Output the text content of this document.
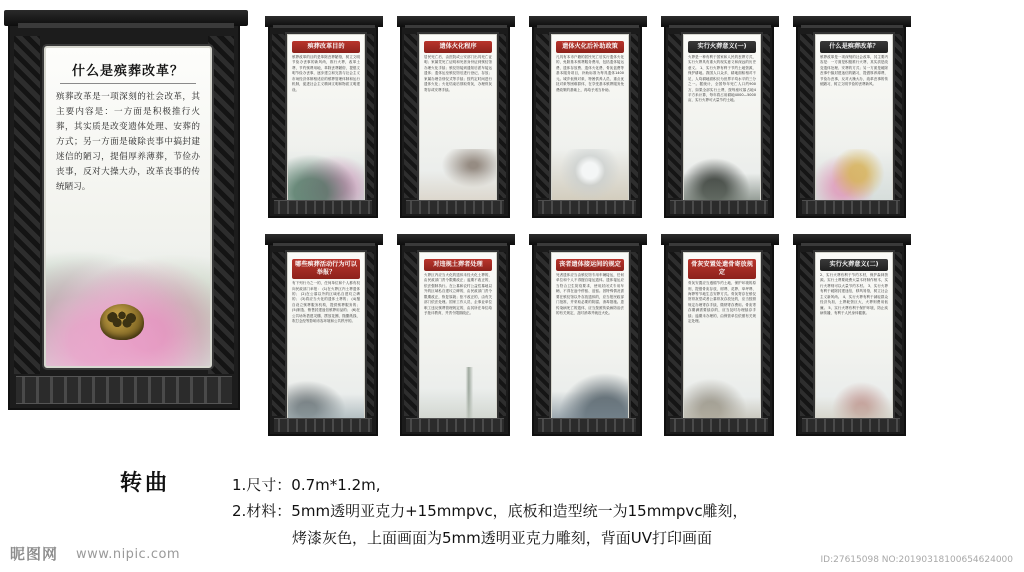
什么是殡葬改革？
殡葬改革是一项深刻的社会改革，其主要内容是：一方面是积极推行火葬，其实质是改变遗体处理、安葬的方式；另一方面是破除丧事中搞封建迷信的陋习，提倡厚养薄葬，节俭办丧事，反对大操大办，改革丧事的传统陋习。
殡葬改革目的
殡葬改革的目的是革除丧葬陋俗，树立文明节俭办丧事的新风尚，推行火葬，改革土葬，节约殡葬用地，革除丧葬陋俗，提倡文明节俭办丧事，逐步建立和完善与社会主义市场经济体制相适应的殡葬管理体制和运行机制，促进社会主义精神文明和物质文明建设。
遗体火化程序
居民死亡后，由医院或公安部门出具死亡证明；家属凭死亡证明和死者身份证到殡仪馆办理火化手续；殡仪馆接到通知后派车接运遗体；遗体运至殡仪馆后进行登记、存放；家属办理告别仪式等手续；按约定时间进行遗体火化；火化结束后领取骨灰，办理骨灰寄存或安葬手续。
遗体火化后补助政策
凡具有本市户籍的居民死亡后实行遗体火化的，免除基本殡葬服务费用，包括遗体接运费、遗体存放费、遗体火化费、骨灰盒费等基本服务项目，补助标准为每具遗体1400元。城乡低保对象、特困供养人员、重点优抚对象等困难群体，在享受基本殡葬服务免费政策的基础上，再给予适当补助。
实行火葬意义(一)
火葬是一种有利于国家和人民的丧葬方式，实行火葬具有重大的现实意义和深远的历史意义。 1、实行火葬有利于节约土地资源，保护耕地。我国人口众多，耕地面积相对不足，人均耕地面积仅为世界平均水平的三分之一。据统计，全国每年死亡人口约900万，如果全部实行土葬，按每座坟墓占地4平方米计算，每年将占用耕地4000—5000亩，实行火葬可大量节约土地。
什么是殡葬改革？
殡葬改革是一项深刻的社会改革，其主要内容是：一方面是积极推行火葬，其实质是改变遗体处理、安葬的方式；另一方面是破除丧事中搞封建迷信的陋习，提倡厚养薄葬，节俭办丧事，反对大操大办，改革丧事的传统陋习，树立文明节俭的丧葬新风。
哪些殡葬活动行为可以举报？
有下列行为之一的，任何单位和个人都有权向民政部门举报： (1)在火葬区内土葬遗体的； (2)在公墓以外的区域私自建坟立碑的； (3)将应当火化的遗体土葬的； (4)擅自设立殡葬服务机构，提供殡葬服务的； (5)制造、销售封建迷信殡葬用品的； (6)在公共场所搭建灵棚、摆放花圈、抛撒纸钱、吹打念经等影响市容环境和公共秩序的。
对违规土葬者处理
火葬区内应当火化的遗体未经火化土葬的，由民政部门责令限期改正；逾期不改正的，依法强制执行。在公墓和农村公益性墓地以外的区域私自建坟立碑的，由民政部门责令限期改正，恢复原貌；拒不改正的，由有关部门依法处理。国家工作人员、企事业单位职工违反殡葬管理规定的，由其所在单位给予批评教育，并责令限期改正。
丧者遗体接运间的规定
死者遗体应当由殡仪馆专用车辆接运，任何单位和个人不得擅自接运遗体。遗体接运应当符合卫生防疫要求，使用封闭式专用车辆，不得在途中停留、逗留。因特殊情况需要在殡仪馆以外存放遗体的，应当报民政部门批准，并采取必要的防腐、消毒措施。患传染病死亡的遗体，应当按照传染病防治法的有关规定，及时消毒并就近火化。
骨灰安置处遗骨寄放规定
骨灰安置应当遵循节约土地、保护环境的原则，提倡骨灰存放、树葬、花葬、草坪葬、海葬等节地生态安葬方式。骨灰寄存在殡仪馆骨灰堂或者公墓骨灰存放处的，应当按照规定办理寄存手续，缴纳寄存费用。骨灰寄存期满需要续存的，应当及时办理续存手续；逾期未办理的，由保管单位依照有关规定处理。
实行火葬意义(二)
2、实行火葬有利于节约木材，保护森林资源。实行土葬要耗费大量木材制作棺木，实行火葬则可以大量节约木材。 3、实行火葬有利于破除封建迷信，移风易俗，树立社会主义新风尚。 4、实行火葬有利于减轻群众经济负担，土葬耗资巨大，火葬则费用低廉。 5、实行火葬有利于保护环境，防止疾病传播，有利于人民身体健康。
转曲	1.尺寸：0.7m*1.2m,
2.材料：5mm透明亚克力+15mmpvc，底板和造型统一为15mmpvc雕刻，
烤漆灰色，上面画面为5mm透明亚克力雕刻，背面UV打印画面
昵图网 www.nipic.com	ID:27615098 NO:20190318100654624000
